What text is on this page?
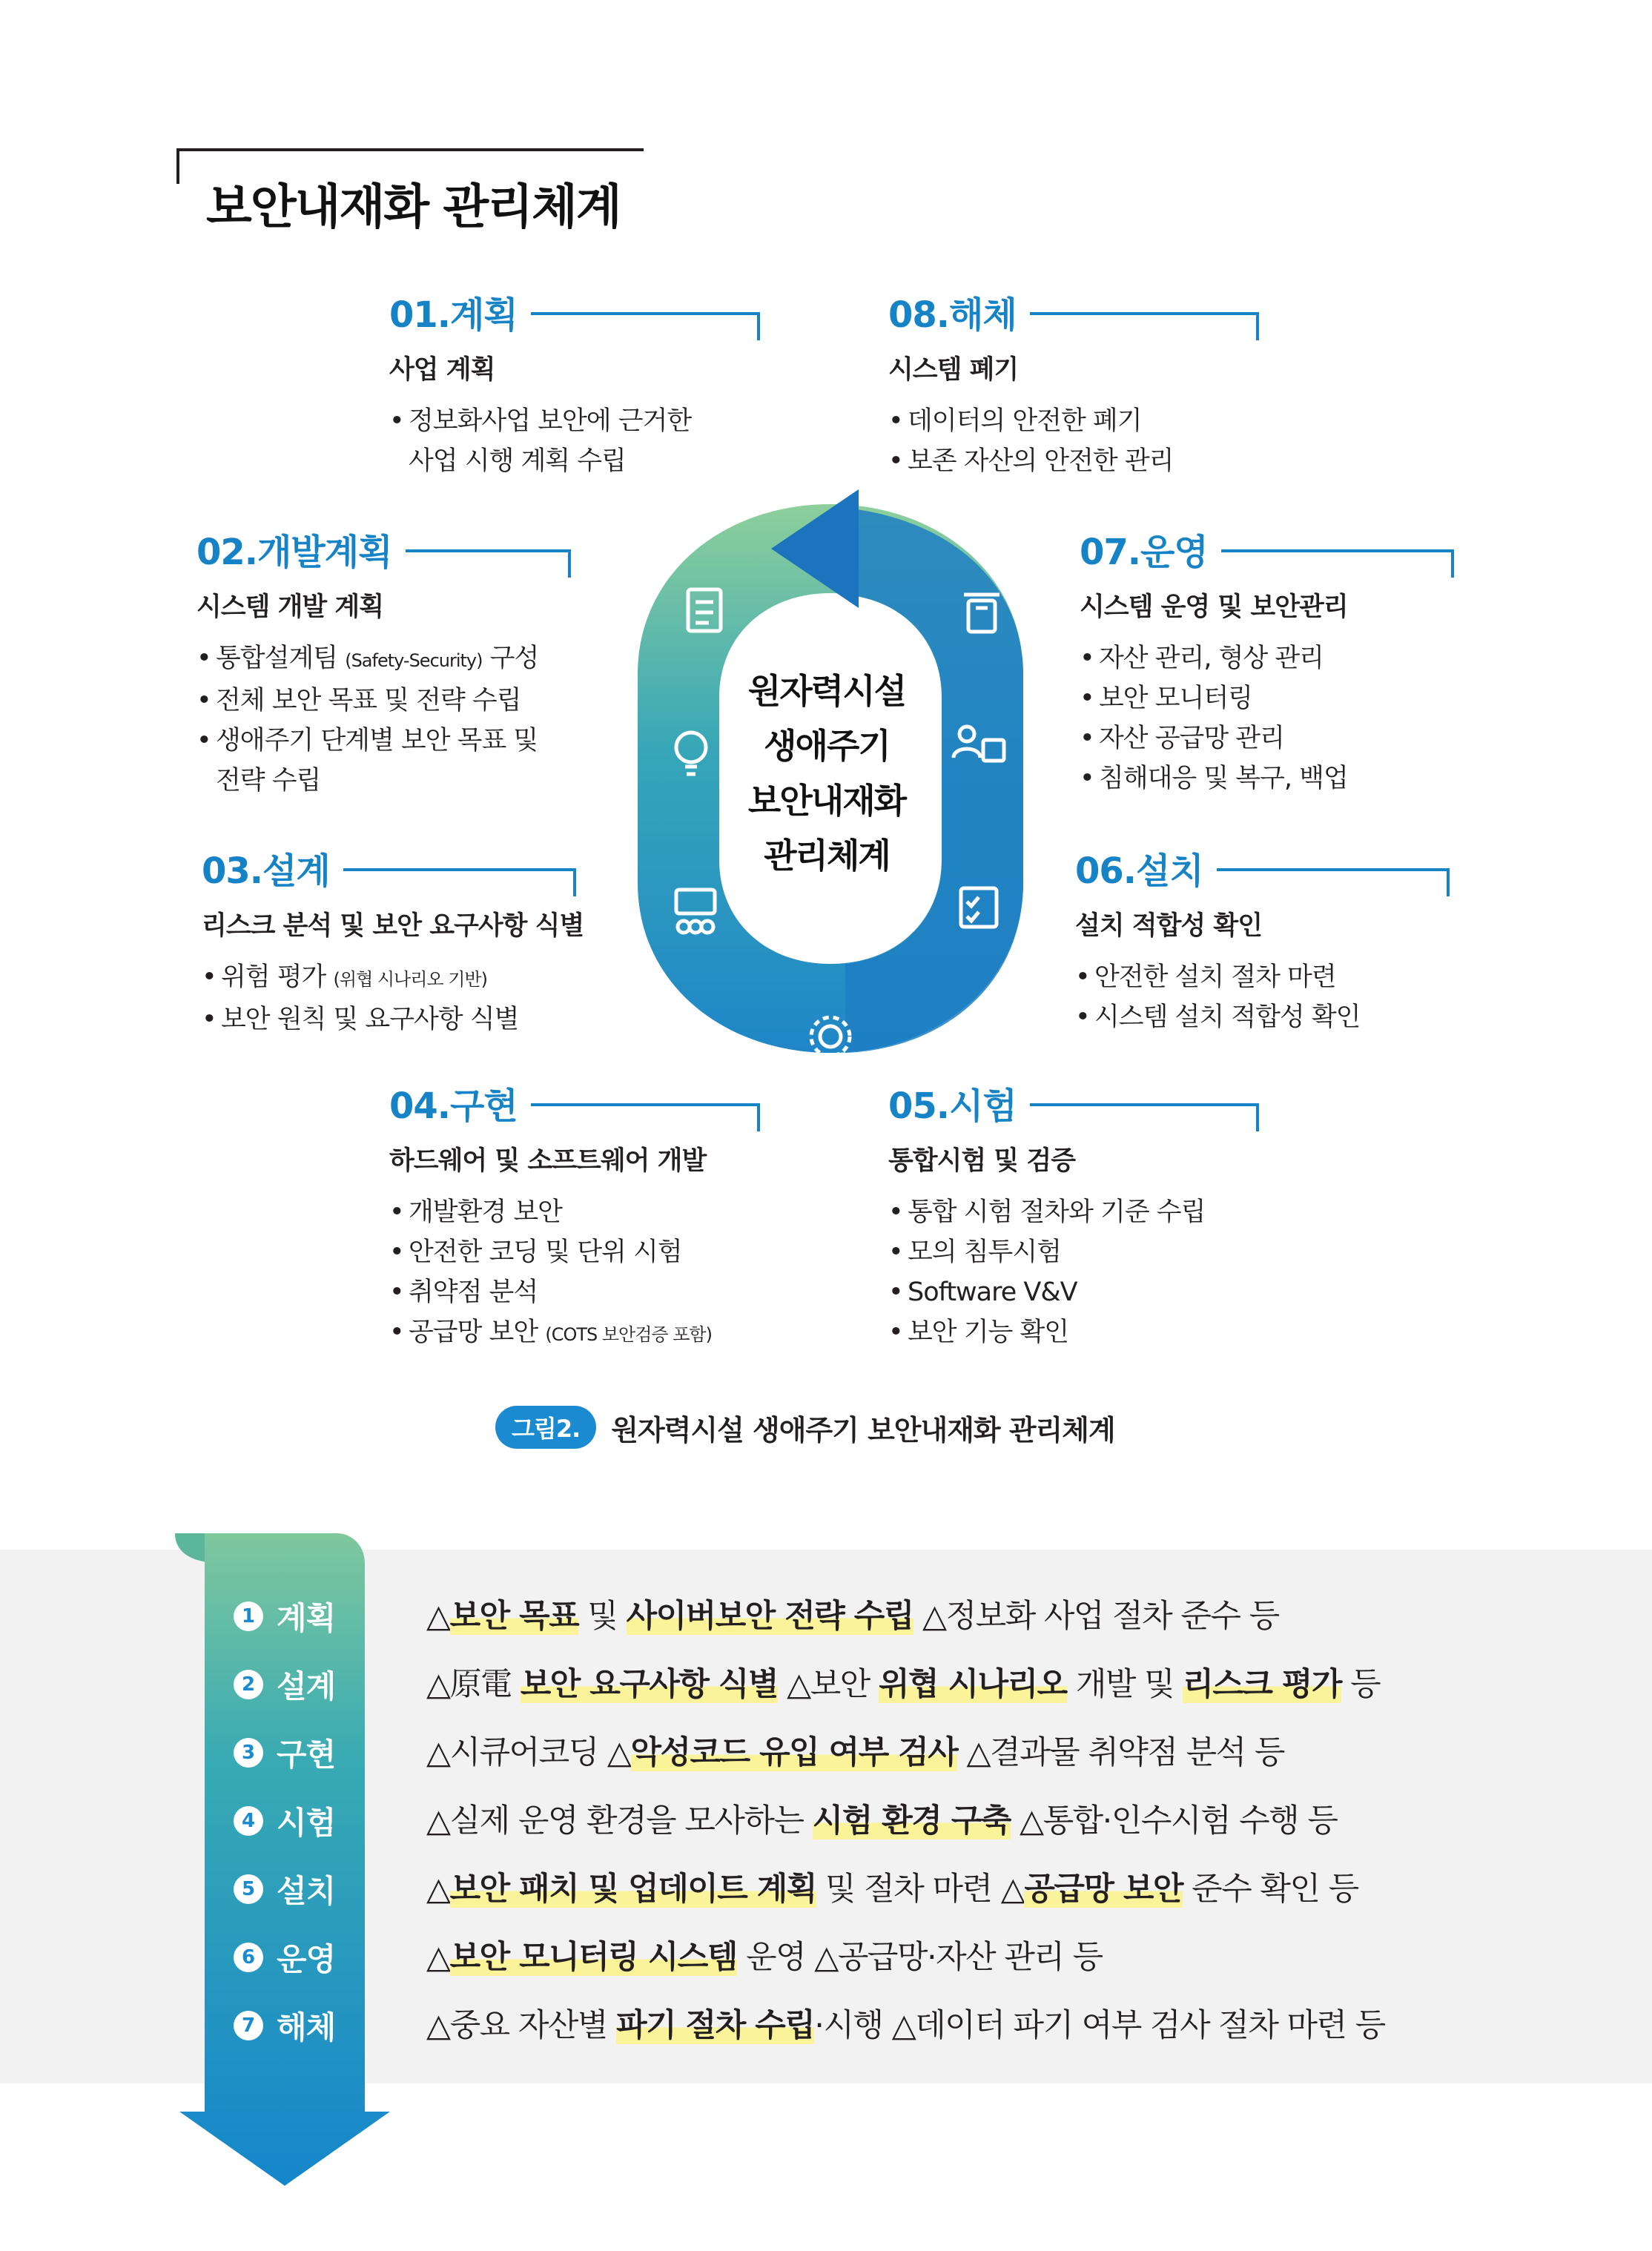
보안내재화 관리체계
01.계획
사업 계획
• 정보화사업 보안에 근거한
사업 시행 계획 수립
08.해체
시스템 폐기
• 데이터의 안전한 폐기
• 보존 자산의 안전한 관리
02.개발계획
시스템 개발 계획
• 통합설계팀 (Safety-Security) 구성
• 전체 보안 목표 및 전략 수립
• 생애주기 단계별 보안 목표 및
전략 수립
07.운영
시스템 운영 및 보안관리
• 자산 관리, 형상 관리
• 보안 모니터링
• 자산 공급망 관리
• 침해대응 및 복구, 백업
03.설계
리스크 분석 및 보안 요구사항 식별
• 위험 평가 (위협 시나리오 기반)
• 보안 원칙 및 요구사항 식별
06.설치
설치 적합성 확인
• 안전한 설치 절차 마련
• 시스템 설치 적합성 확인
04.구현
하드웨어 및 소프트웨어 개발
• 개발환경 보안
• 안전한 코딩 및 단위 시험
• 취약점 분석
• 공급망 보안 (COTS 보안검증 포함)
05.시험
통합시험 및 검증
• 통합 시험 절차와 기준 수립
• 모의 침투시험
• Software V&V
• 보안 기능 확인
원자력시설
생애주기
보안내재화
관리체계
그림2.	원자력시설 생애주기 보안내재화 관리체계
1 계획
2 설계
3 구현
4 시험
5 설치
6 운영
7 해체
△보안 목표 및 사이버보안 전략 수립 △정보화 사업 절차 준수 등
△原電 보안 요구사항 식별 △보안 위협 시나리오 개발 및 리스크 평가 등
△시큐어코딩 △악성코드 유입 여부 검사 △결과물 취약점 분석 등
△실제 운영 환경을 모사하는 시험 환경 구축 △통합·인수시험 수행 등
△보안 패치 및 업데이트 계획 및 절차 마련 △공급망 보안 준수 확인 등
△보안 모니터링 시스템 운영 △공급망·자산 관리 등
△중요 자산별 파기 절차 수립·시행 △데이터 파기 여부 검사 절차 마련 등
